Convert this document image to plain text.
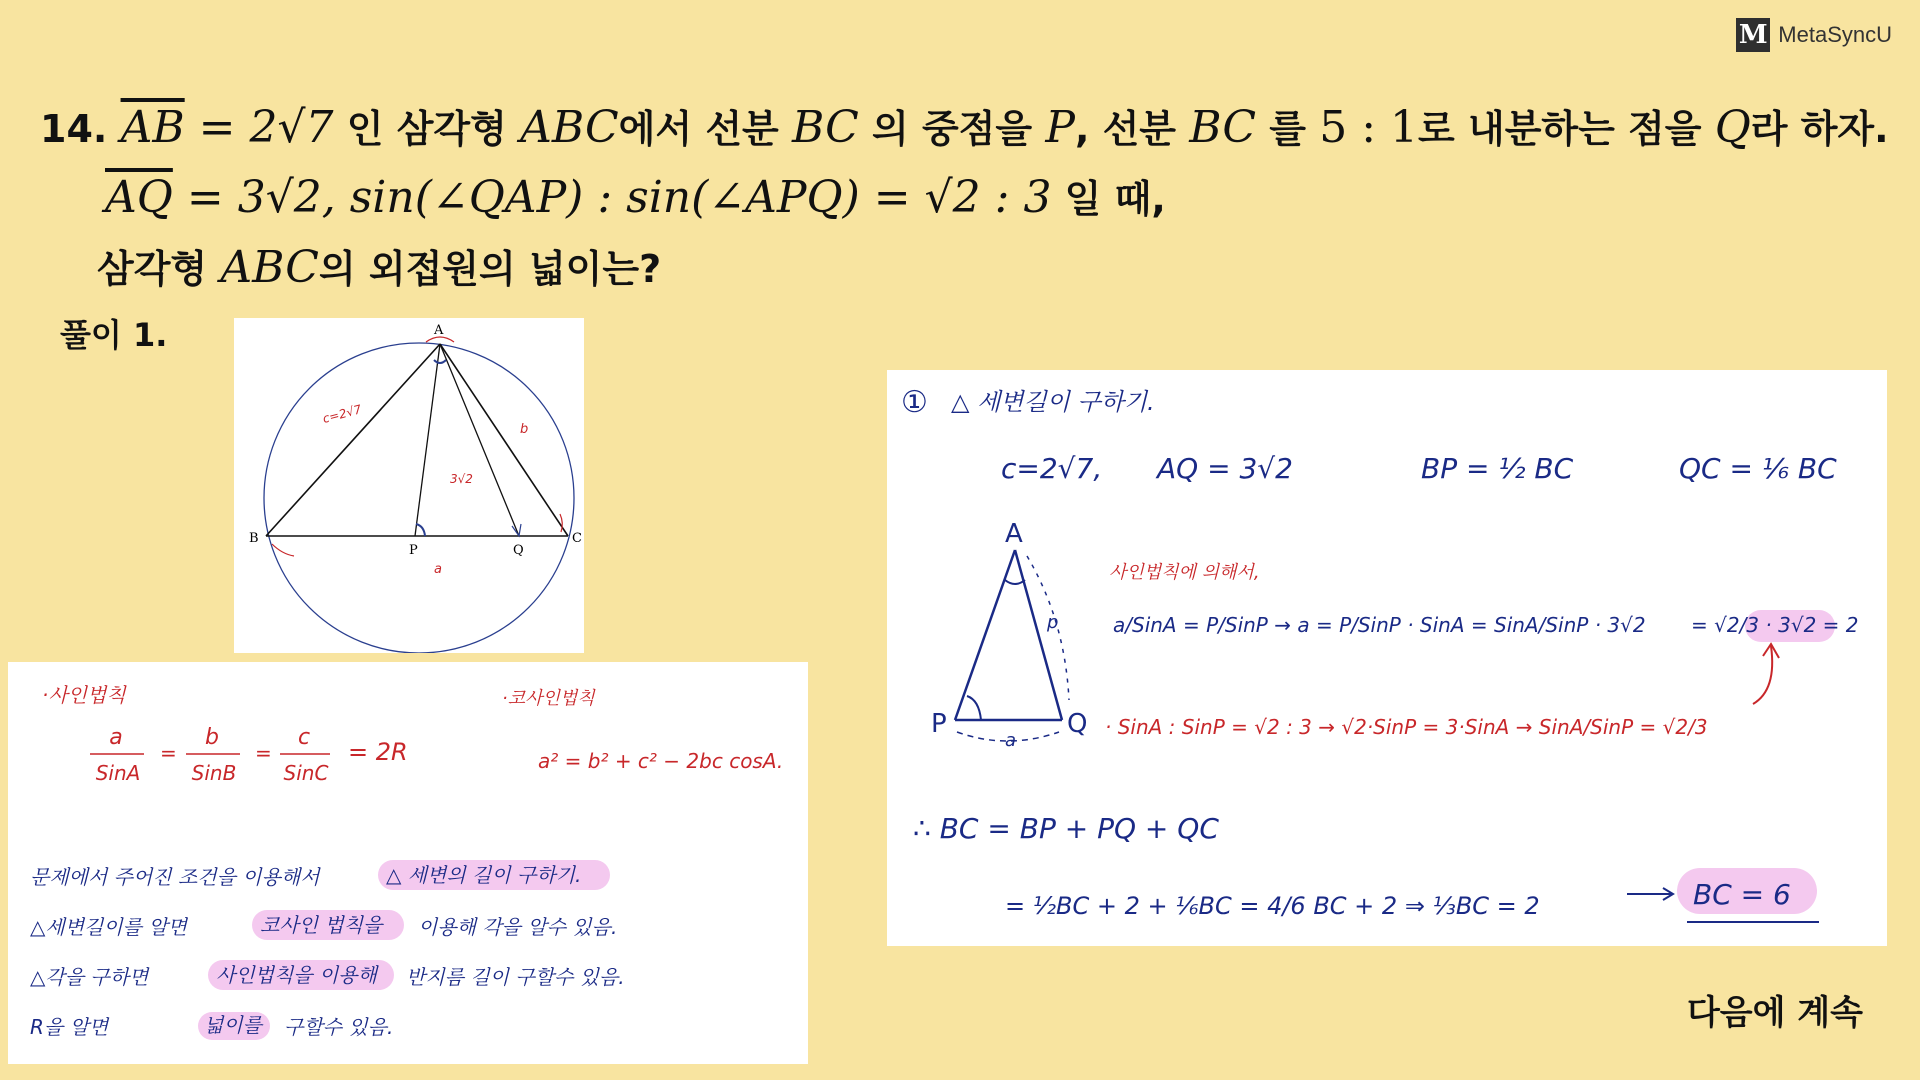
M MetaSyncU
14. $\overline{AB} = 2√7$ 인 삼각형 ABC에서 선분 BC 의 중점을 P, 선분 BC 를 5 : 1로 내분하는 점을 Q라 하자.
$\overline{AQ} = 3√2$, sin(∠QAP) : sin(∠APQ) = √2 : 3 일 때,
삼각형 ABC의 외접원의 넓이는?
풀이 1.	A
B	C
P	Q
c=2√7
b
3√2
a
·사인법칙
a
SinA
=
b
SinB
=
c
SinC
= 2R
·코사인법칙
a² = b² + c² − 2bc cosA.
문제에서 주어진 조건을 이용해서	△ 세변의 길이 구하기.
△세변길이를 알면	코사인 법칙을 이용해 각을 알수 있음.
△각을 구하면	사인법칙을 이용해 반지름 길이 구할수 있음.
R을 알면	넓이를 구할수 있음.
① △ 세변길이 구하기.
c=2√7, AQ = 3√2	BP = ½ BC	QC = ⅙ BC
A
P	Q
p
a
사인법칙에 의해서,
a/SinA = P/SinP → a = P/SinP · SinA = SinA/SinP · 3√2 = √2/3 · 3√2 = 2
· SinA : SinP = √2 : 3 → √2·SinP = 3·SinA → SinA/SinP = √2/3
∴ BC = BP + PQ + QC
= ½BC + 2 + ⅙BC = 4/6 BC + 2 ⇒ ⅓BC = 2	BC = 6
다음에 계속
